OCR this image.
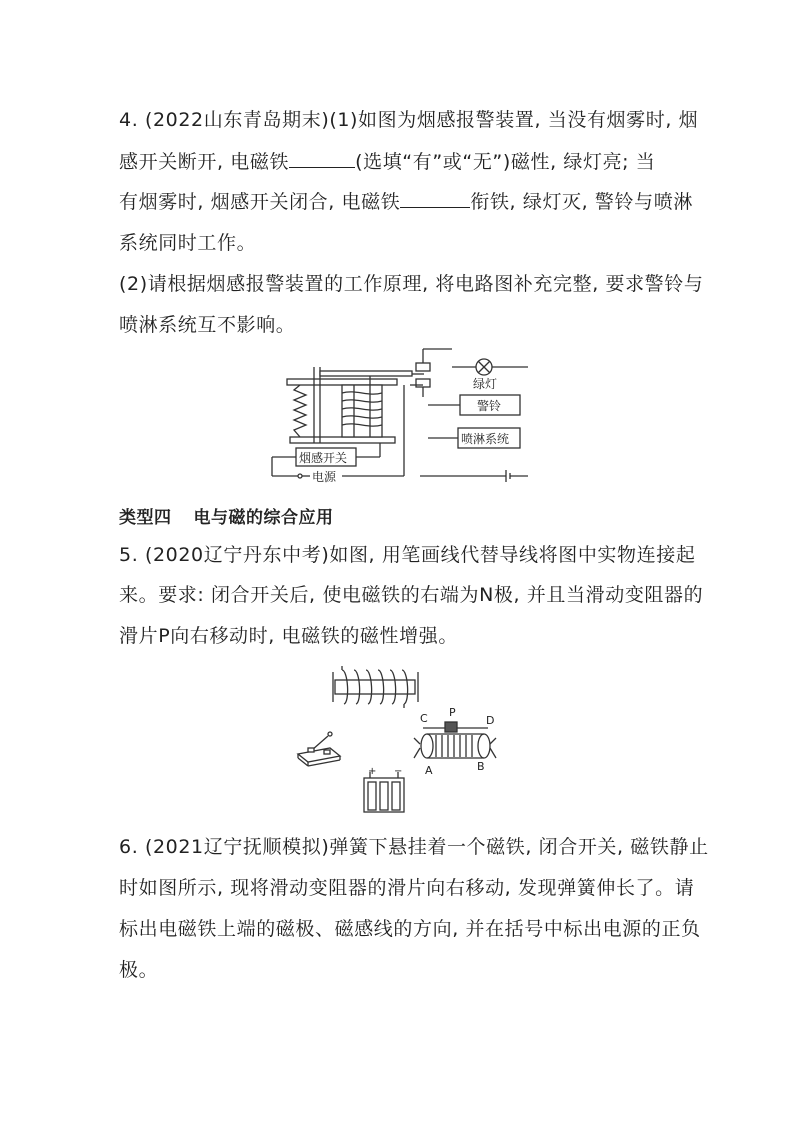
4. (2022山东青岛期末)(1)如图为烟感报警装置, 当没有烟雾时, 烟
感开关断开, 电磁铁	(选填“有”或“无”)磁性, 绿灯亮; 当
有烟雾时, 烟感开关闭合, 电磁铁	衔铁, 绿灯灭, 警铃与喷淋
系统同时工作。
(2)请根据烟感报警装置的工作原理, 将电路图补充完整, 要求警铃与
喷淋系统互不影响。
烟感开关
电源
绿灯
警铃
喷淋系统
类型四 电与磁的综合应用
5. (2020辽宁丹东中考)如图, 用笔画线代替导线将图中实物连接起
来。要求: 闭合开关后, 使电磁铁的右端为N极, 并且当滑动变阻器的
滑片P向右移动时, 电磁铁的磁性增强。
+ −
C P
D
A	B
6. (2021辽宁抚顺模拟)弹簧下悬挂着一个磁铁, 闭合开关, 磁铁静止
时如图所示, 现将滑动变阻器的滑片向右移动, 发现弹簧伸长了。请
标出电磁铁上端的磁极、磁感线的方向, 并在括号中标出电源的正负
极。
